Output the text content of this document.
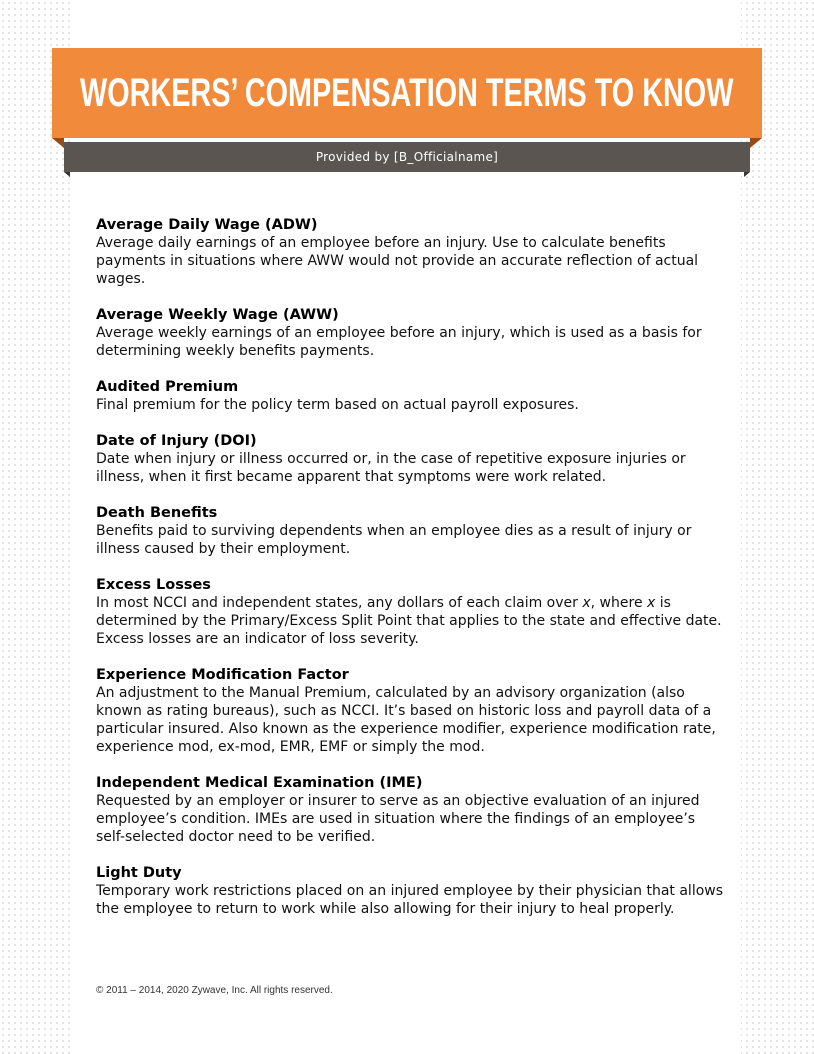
WORKERS’ COMPENSATION TERMS TO KNOW
Provided by [B_Officialname]
Average Daily Wage (ADW)
Average daily earnings of an employee before an injury. Use to calculate benefits payments in situations where AWW would not provide an accurate reflection of actual wages.
Average Weekly Wage (AWW)
Average weekly earnings of an employee before an injury, which is used as a basis for determining weekly benefits payments.
Audited Premium
Final premium for the policy term based on actual payroll exposures.
Date of Injury (DOI)
Date when injury or illness occurred or, in the case of repetitive exposure injuries or illness, when it first became apparent that symptoms were work related.
Death Benefits
Benefits paid to surviving dependents when an employee dies as a result of injury or illness caused by their employment.
Excess Losses
In most NCCI and independent states, any dollars of each claim over x, where x is determined by the Primary/Excess Split Point that applies to the state and effective date. Excess losses are an indicator of loss severity.
Experience Modification Factor
An adjustment to the Manual Premium, calculated by an advisory organization (also known as rating bureaus), such as NCCI. It’s based on historic loss and payroll data of a particular insured. Also known as the experience modifier, experience modification rate, experience mod, ex-mod, EMR, EMF or simply the mod.
Independent Medical Examination (IME)
Requested by an employer or insurer to serve as an objective evaluation of an injured employee’s condition. IMEs are used in situation where the findings of an employee’s self-selected doctor need to be verified.
Light Duty
Temporary work restrictions placed on an injured employee by their physician that allows the employee to return to work while also allowing for their injury to heal properly.
© 2011 – 2014, 2020 Zywave, Inc. All rights reserved.
